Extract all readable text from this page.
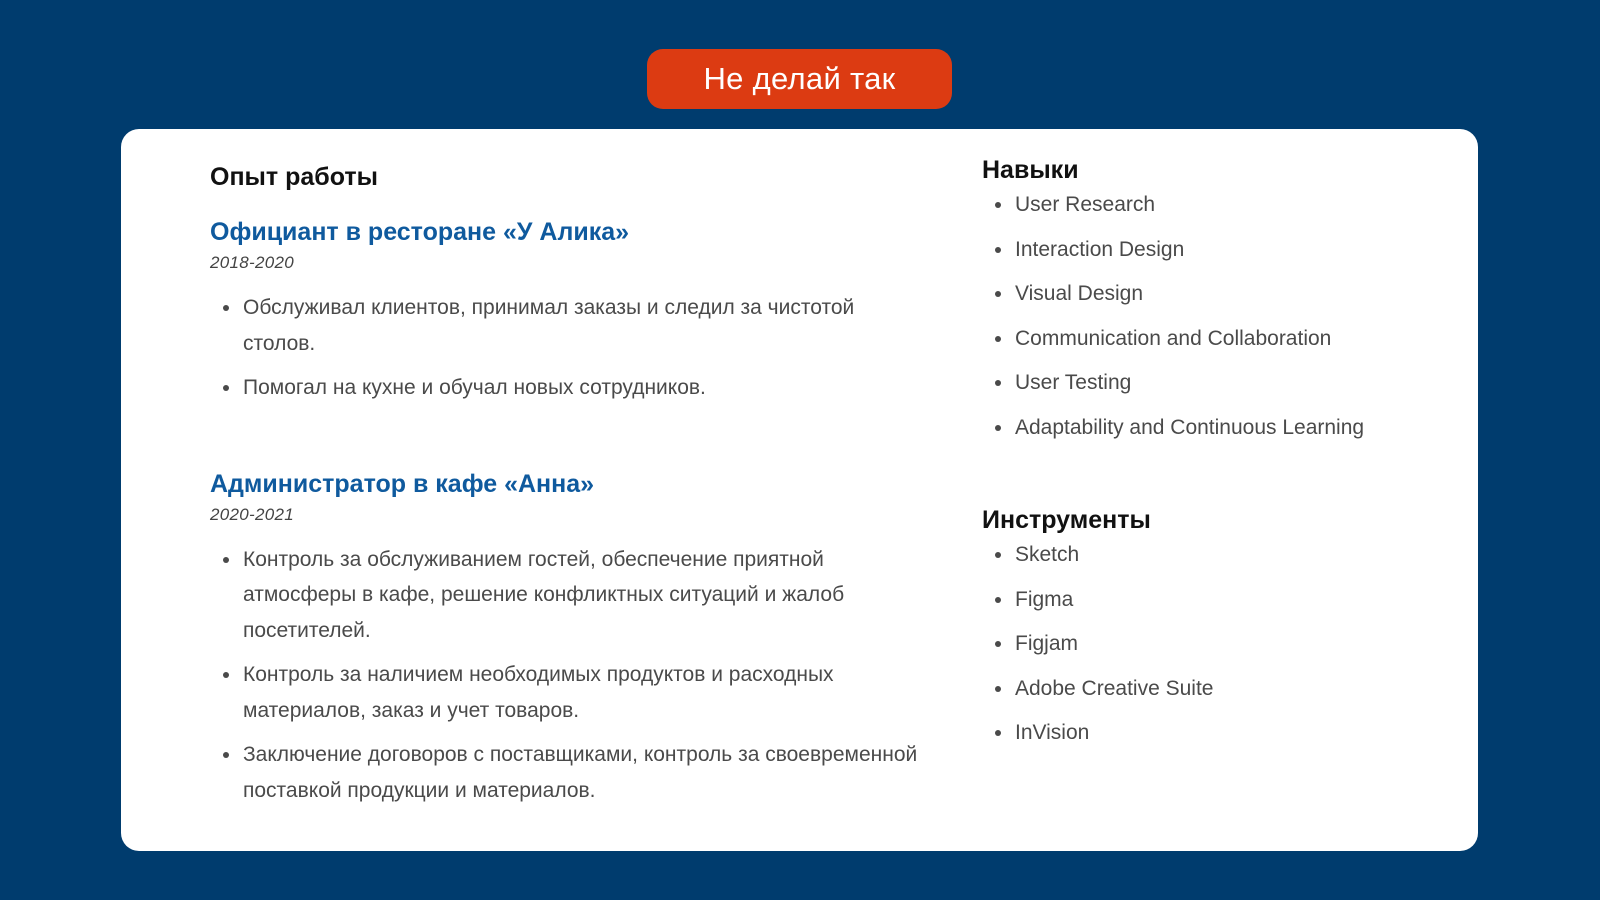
Не делай так
Опыт работы
Официант в ресторане «У Алика»
2018-2020
Обслуживал клиентов, принимал заказы и следил за чистотой столов.
Помогал на кухне и обучал новых сотрудников.
Администратор в кафе «Анна»
2020-2021
Контроль за обслуживанием гостей, обеспечение приятной атмосферы в кафе, решение конфликтных ситуаций и жалоб посетителей.
Контроль за наличием необходимых продуктов и расходных материалов, заказ и учет товаров.
Заключение договоров с поставщиками, контроль за своевременной поставкой продукции и материалов.
Навыки
User Research
Interaction Design
Visual Design
Communication and Collaboration
User Testing
Adaptability and Continuous Learning
Инструменты
Sketch
Figma
Figjam
Adobe Creative Suite
InVision
